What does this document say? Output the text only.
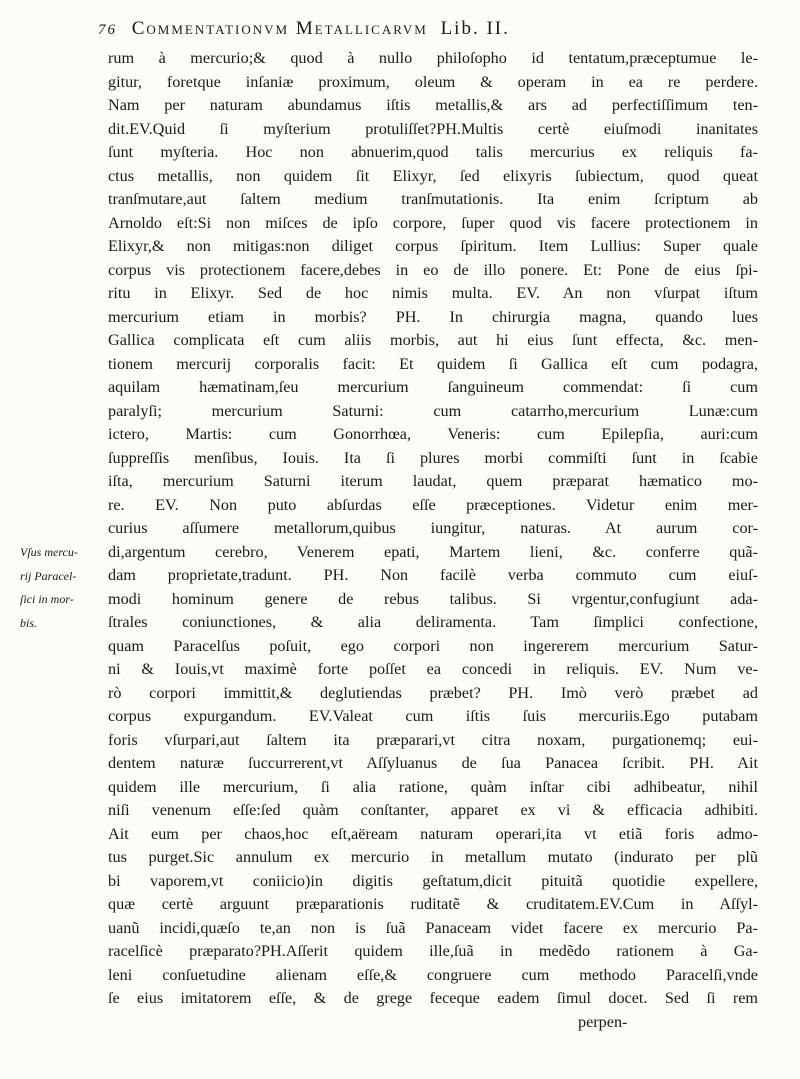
76 Commentationvm Metallicarvm Lib. II.
Vſus mercu-
rij Paracel-
ſici in mor-
bis.
rum à mercurio;& quod à nullo philoſopho id tentatum,præceptumue le-
gitur, foretque inſaniæ proximum, oleum & operam in ea re perdere.
Nam per naturam abundamus iſtis metallis,& ars ad perfectiſſimum ten-
dit.EV.Quid ſi myſterium protuliſſet?PH.Multis certè eiuſmodi inanitates
ſunt myſteria. Hoc non abnuerim,quod talis mercurius ex reliquis fa-
ctus metallis, non quidem ſit Elixyr, ſed elixyris ſubiectum, quod queat
tranſmutare,aut ſaltem medium tranſmutationis. Ita enim ſcriptum ab
Arnoldo eſt:Si non miſces de ipſo corpore, ſuper quod vis facere protectionem in
Elixyr,& non mitigas:non diliget corpus ſpiritum. Item Lullius: Super quale
corpus vis protectionem facere,debes in eo de illo ponere. Et: Pone de eius ſpi-
ritu in Elixyr. Sed de hoc nimis multa. EV. An non vſurpat iſtum
mercurium etiam in morbis? PH. In chirurgia magna, quando lues
Gallica complicata eſt cum aliis morbis, aut hi eius ſunt effecta, &c. men-
tionem mercurij corporalis facit: Et quidem ſi Gallica eſt cum podagra,
aquilam hæmatinam,ſeu mercurium ſanguineum commendat: ſi cum
paralyſi; mercurium Saturni: cum catarrho,mercurium Lunæ:cum
ictero, Martis: cum Gonorrhœa, Veneris: cum Epilepſia, auri:cum
ſuppreſſis menſibus, Iouis. Ita ſi plures morbi commiſti ſunt in ſcabie
iſta, mercurium Saturni iterum laudat, quem præparat hæmatico mo-
re. EV. Non puto abſurdas eſſe præceptiones. Videtur enim mer-
curius aſſumere metallorum,quibus iungitur, naturas. At aurum cor-
di,argentum cerebro, Venerem epati, Martem lieni, &c. conferre quã-
dam proprietate,tradunt. PH. Non facilè verba commuto cum eiuſ-
modi hominum genere de rebus talibus. Si vrgentur,confugiunt ada-
ſtrales coniunctiones, & alia deliramenta. Tam ſimplici confectione,
quam Paracelſus poſuit, ego corpori non ingererem mercurium Satur-
ni & Iouis,vt maximè forte poſſet ea concedi in reliquis. EV. Num ve-
rò corpori immittit,& deglutiendas præbet? PH. Imò verò præbet ad
corpus expurgandum. EV.Valeat cum iſtis ſuis mercuriis.Ego putabam
foris vſurpari,aut ſaltem ita præparari,vt citra noxam, purgationemq; eui-
dentem naturæ ſuccurrerent,vt Aſſyluanus de ſua Panacea ſcribit. PH. Ait
quidem ille mercurium, ſi alia ratione, quàm inſtar cibi adhibeatur, nihil
niſi venenum eſſe:ſed quàm conſtanter, apparet ex vi & efficacia adhibiti.
Ait eum per chaos,hoc eſt,aëream naturam operari,ita vt etiã foris admo-
tus purget.Sic annulum ex mercurio in metallum mutato (indurato per plũ
bi vaporem,vt coniicio)in digitis geſtatum,dicit pituitã quotidie expellere,
quæ certè arguunt præparationis ruditatẽ & cruditatem.EV.Cum in Aſſyl-
uanũ incidi,quæſo te,an non is ſuã Panaceam videt facere ex mercurio Pa-
racelſicè præparato?PH.Aſſerit quidem ille,ſuã in medẽdo rationem à Ga-
leni conſuetudine alienam eſſe,& congruere cum methodo Paracelſi,vnde
ſe eius imitatorem eſſe, & de grege feceque eadem ſimul docet. Sed ſi rem
perpen-
